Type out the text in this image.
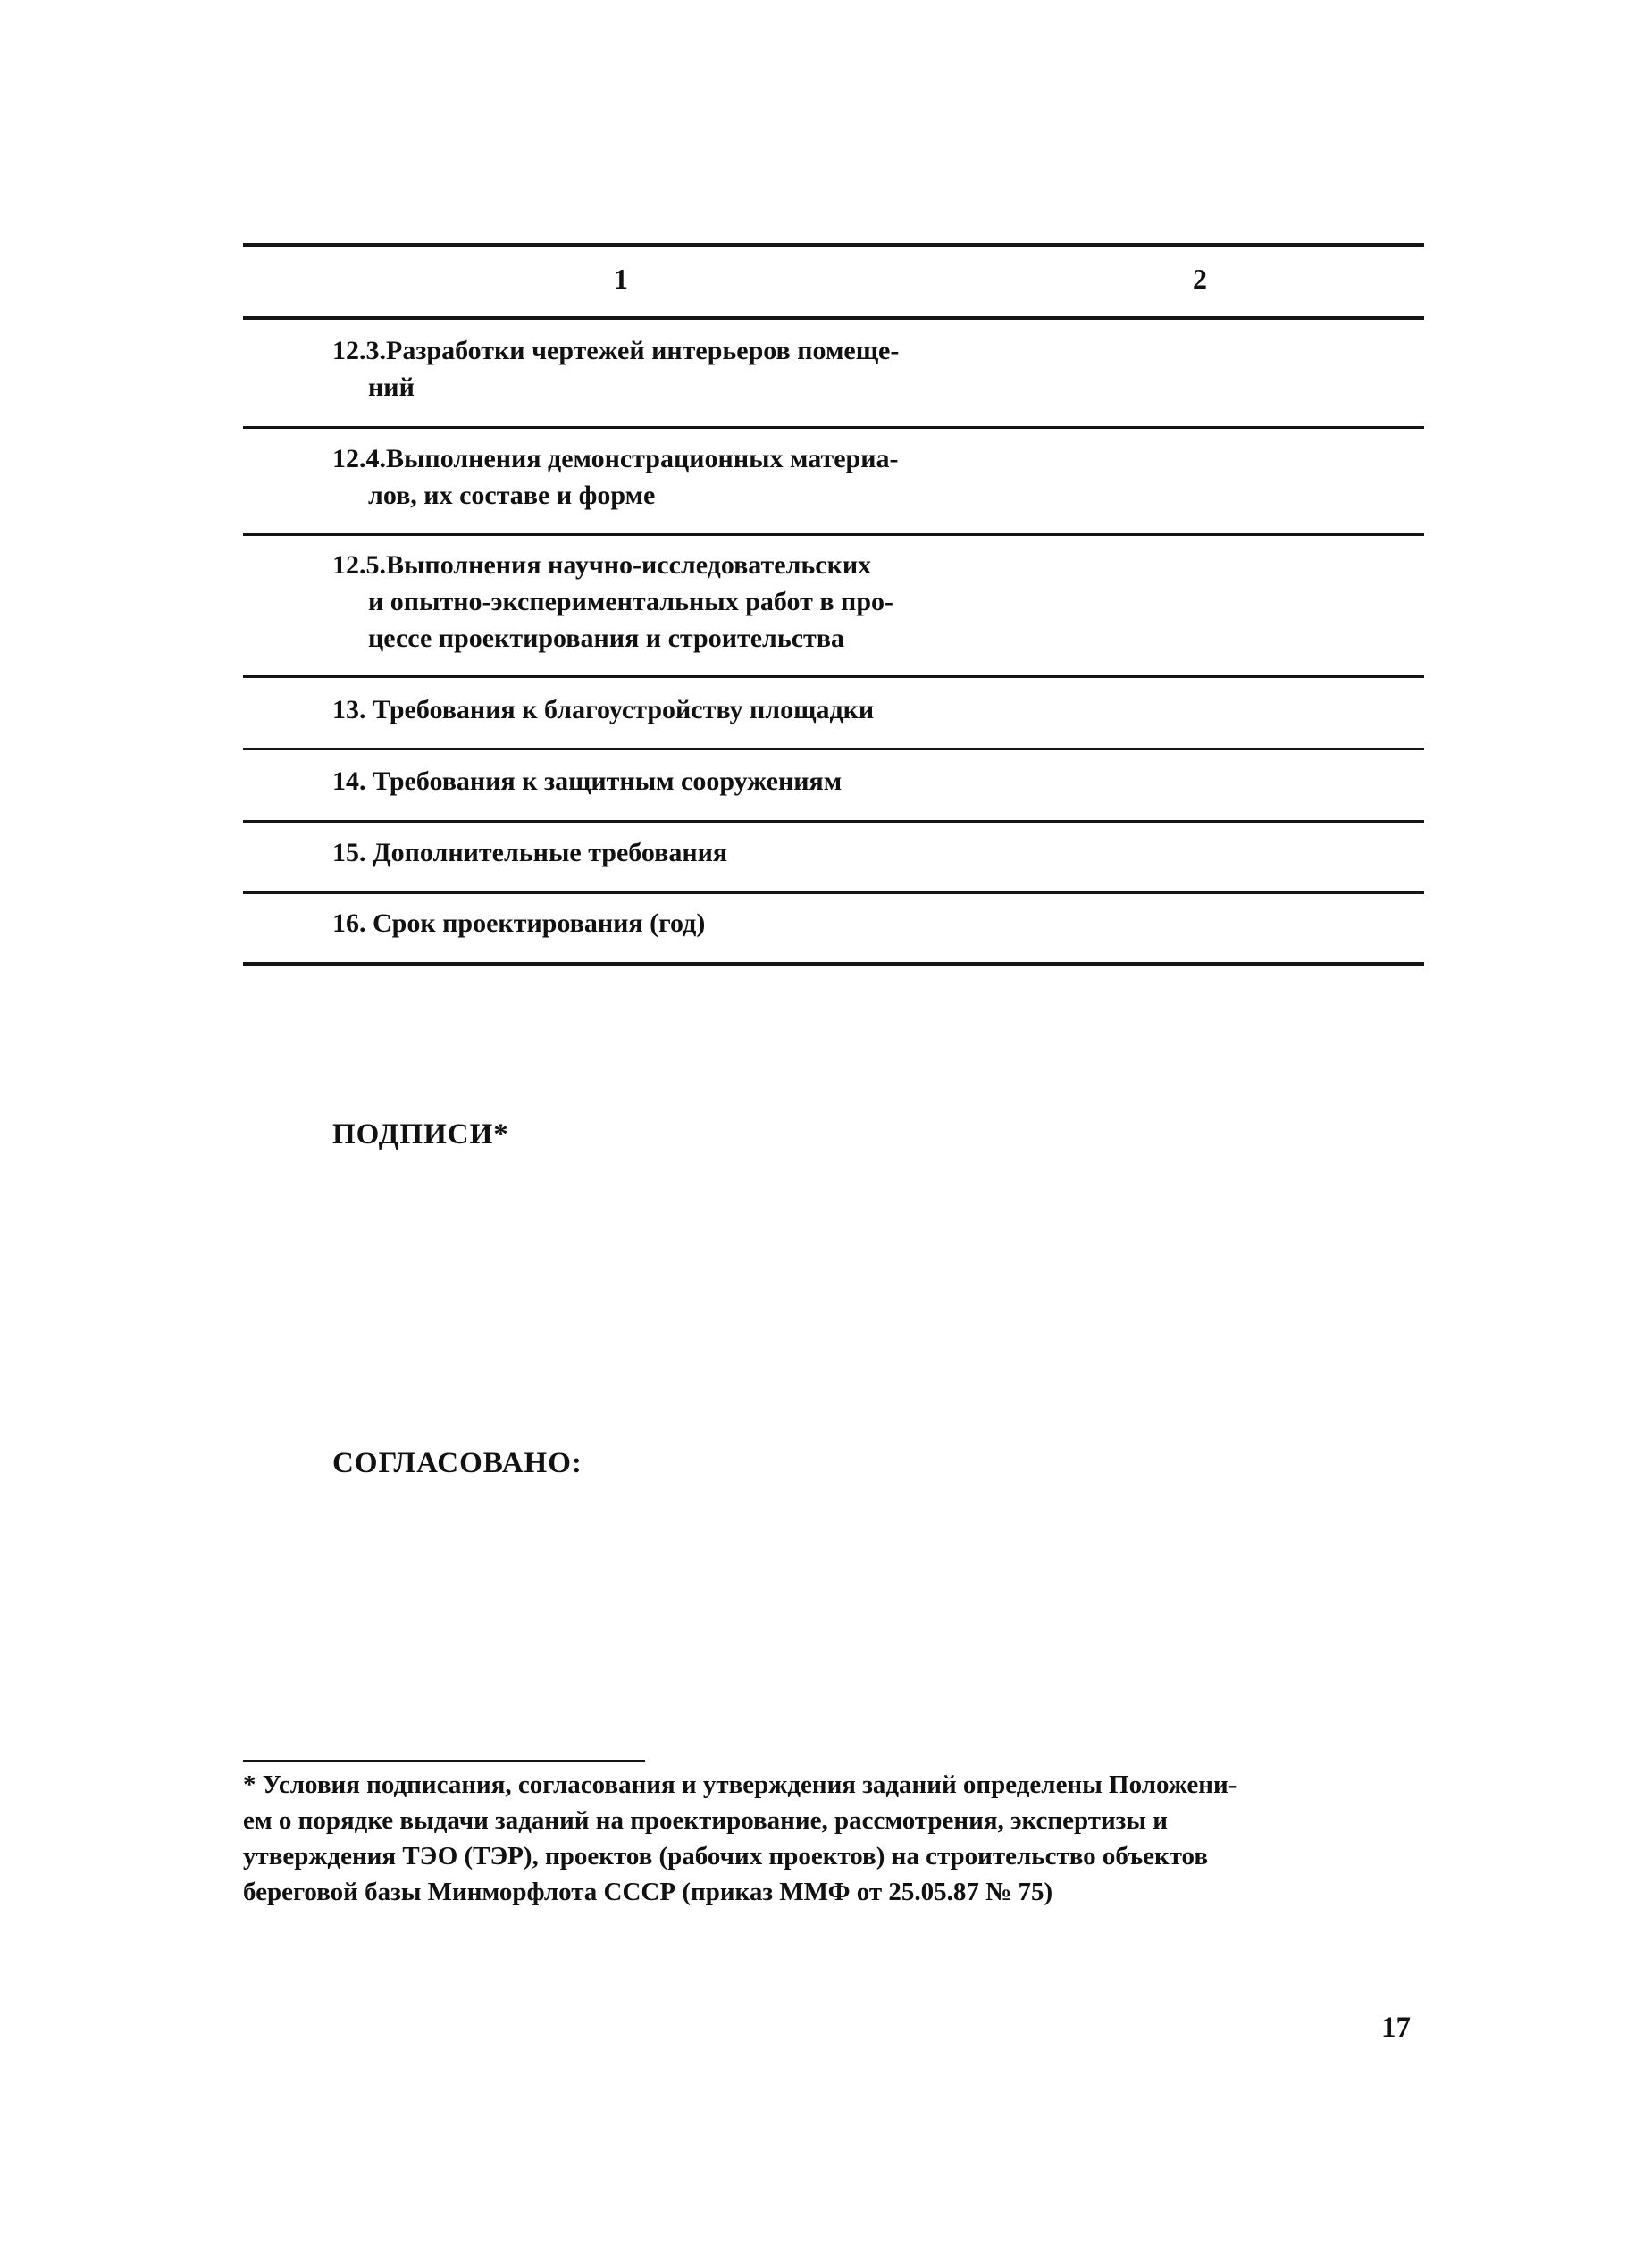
1	2
12.3.Разработки чертежей интерьеров помеще-
ний
12.4.Выполнения демонстрационных материа-
лов, их составе и форме
12.5.Выполнения научно-исследовательских
и опытно-экспериментальных работ в про-
цессе проектирования и строительства
13. Требования к благоустройству площадки
14. Требования к защитным сооружениям
15. Дополнительные требования
16. Срок проектирования (год)
ПОДПИСИ*
СОГЛАСОВАНО:
* Условия подписания, согласования и утверждения заданий определены Положени-
ем о порядке выдачи заданий на проектирование, рассмотрения, экспертизы и
утверждения ТЭО (ТЭР), проектов (рабочих проектов) на строительство объектов
береговой базы Минморфлота СССР (приказ ММФ от 25.05.87 № 75)
17
